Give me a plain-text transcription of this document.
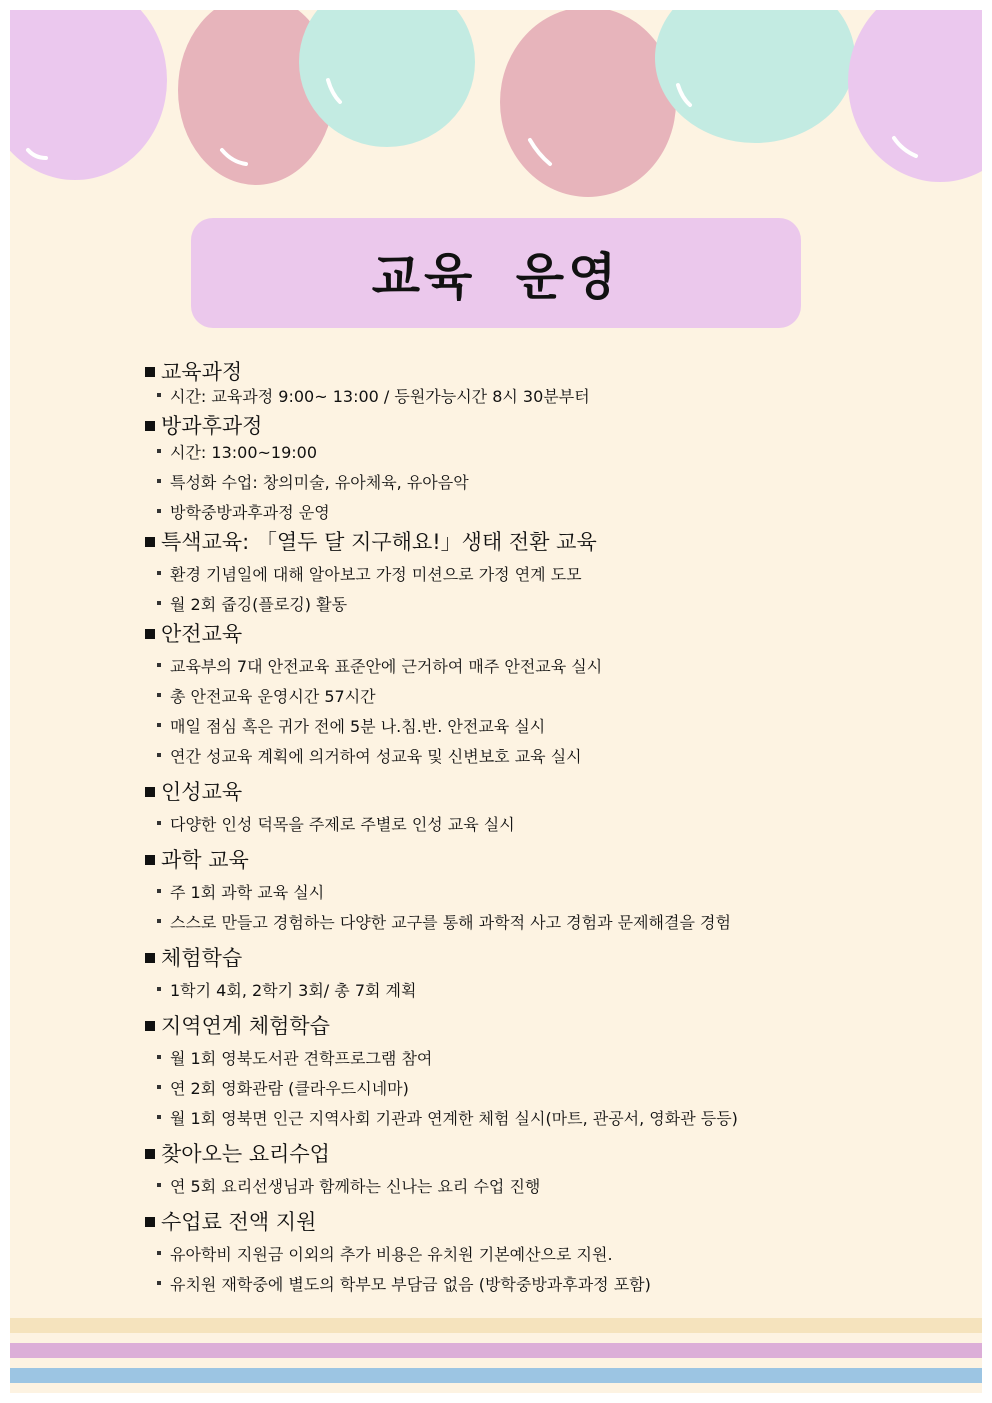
교육 운영
교육과정
시간: 교육과정 9:00~ 13:00 / 등원가능시간 8시 30분부터
방과후과정
시간: 13:00~19:00
특성화 수업: 창의미술, 유아체육, 유아음악
방학중방과후과정 운영
특색교육: 「열두 달 지구해요!」생태 전환 교육
환경 기념일에 대해 알아보고 가정 미션으로 가정 연계 도모
월 2회 줍깅(플로깅) 활동
안전교육
교육부의 7대 안전교육 표준안에 근거하여 매주 안전교육 실시
총 안전교육 운영시간 57시간
매일 점심 혹은 귀가 전에 5분 나.침.반. 안전교육 실시
연간 성교육 계획에 의거하여 성교육 및 신변보호 교육 실시
인성교육
다양한 인성 덕목을 주제로 주별로 인성 교육 실시
과학 교육
주 1회 과학 교육 실시
스스로 만들고 경험하는 다양한 교구를 통해 과학적 사고 경험과 문제해결을 경험
체험학습
1학기 4회, 2학기 3회/ 총 7회 계획
지역연계 체험학습
월 1회 영북도서관 견학프로그램 참여
연 2회 영화관람 (클라우드시네마)
월 1회 영북면 인근 지역사회 기관과 연계한 체험 실시(마트, 관공서, 영화관 등등)
찾아오는 요리수업
연 5회 요리선생님과 함께하는 신나는 요리 수업 진행
수업료 전액 지원
유아학비 지원금 이외의 추가 비용은 유치원 기본예산으로 지원.
유치원 재학중에 별도의 학부모 부담금 없음 (방학중방과후과정 포함)
